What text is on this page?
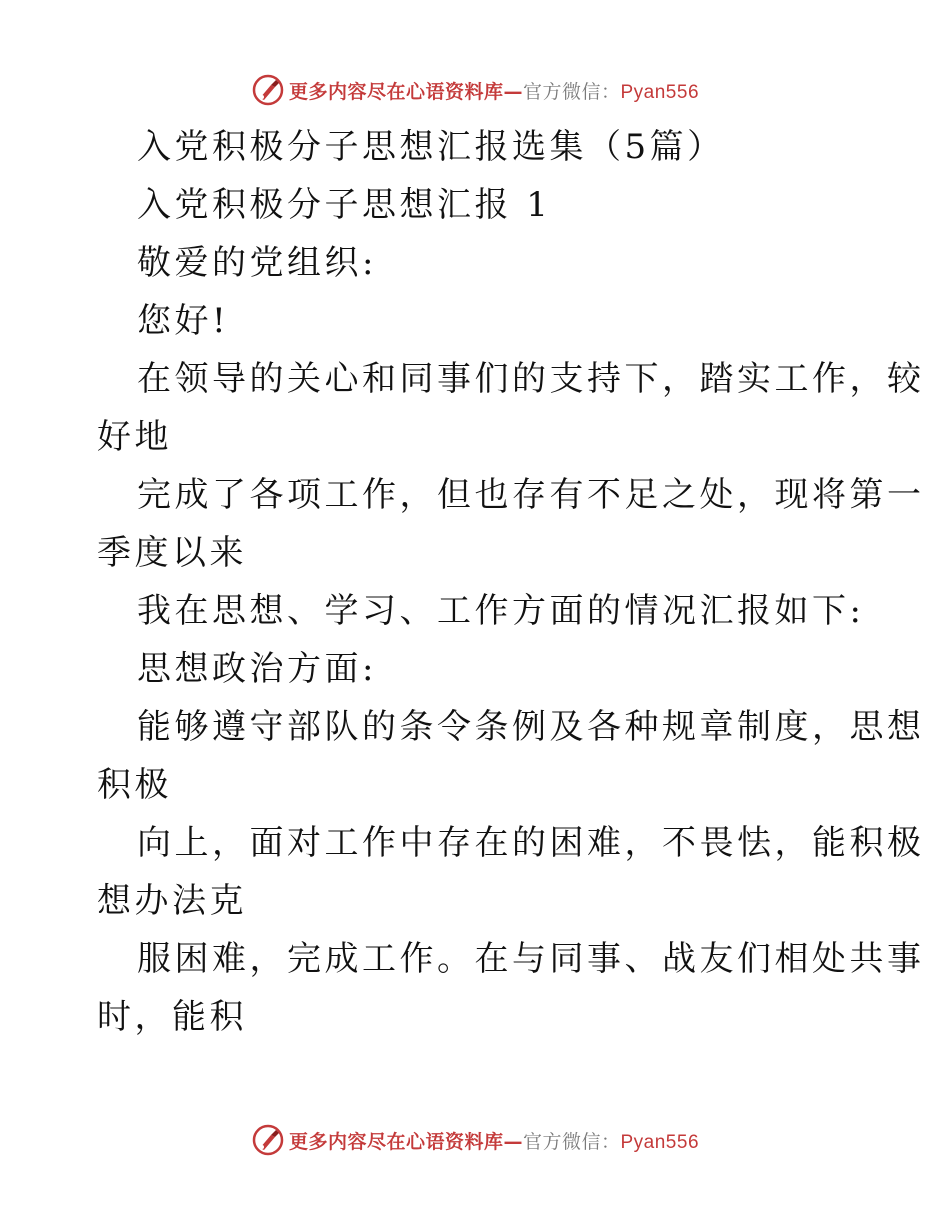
更多内容尽在心语资料库—官方微信：Pyan556
入党积极分子思想汇报选集（5篇）
入党积极分子思想汇报 1
敬爱的党组织:
您好!
在领导的关心和同事们的支持下，踏实工作，较
好地
完成了各项工作，但也存有不足之处，现将第一
季度以来
我在思想、学习、工作方面的情况汇报如下:
思想政治方面:
能够遵守部队的条令条例及各种规章制度，思想
积极
向上，面对工作中存在的困难，不畏怯，能积极
想办法克
服困难，完成工作。在与同事、战友们相处共事
时，能积
更多内容尽在心语资料库—官方微信：Pyan556
